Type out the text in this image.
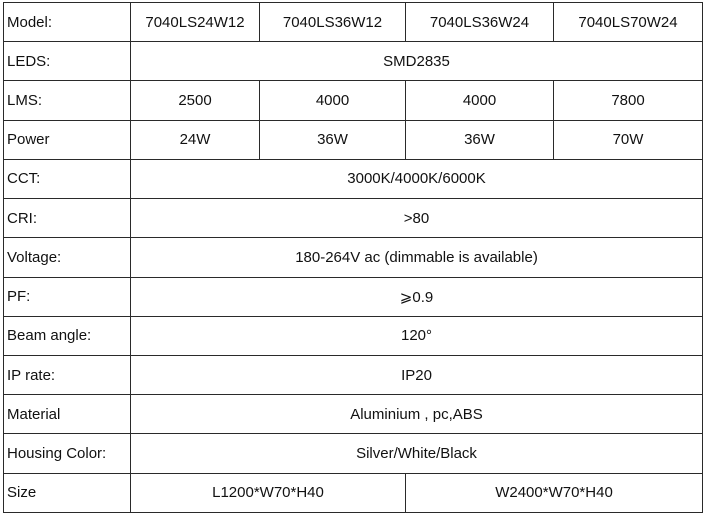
Model:	7040LS24W12	7040LS36W12	7040LS36W24	7040LS70W24
LEDS:	SMD2835			
LMS:	2500	4000	4000	7800
Power	24W	36W	36W	70W
CCT:	3000K/4000K/6000K			
CRI:	>80			
Voltage:	180-264V ac (dimmable is available)			
PF:	⩾0.9			
Beam angle:	120°			
IP rate:	IP20			
Material	Aluminium , pc,ABS			
Housing Color:	Silver/White/Black			
Size	L1200*W70*H40		W2400*W70*H40	
